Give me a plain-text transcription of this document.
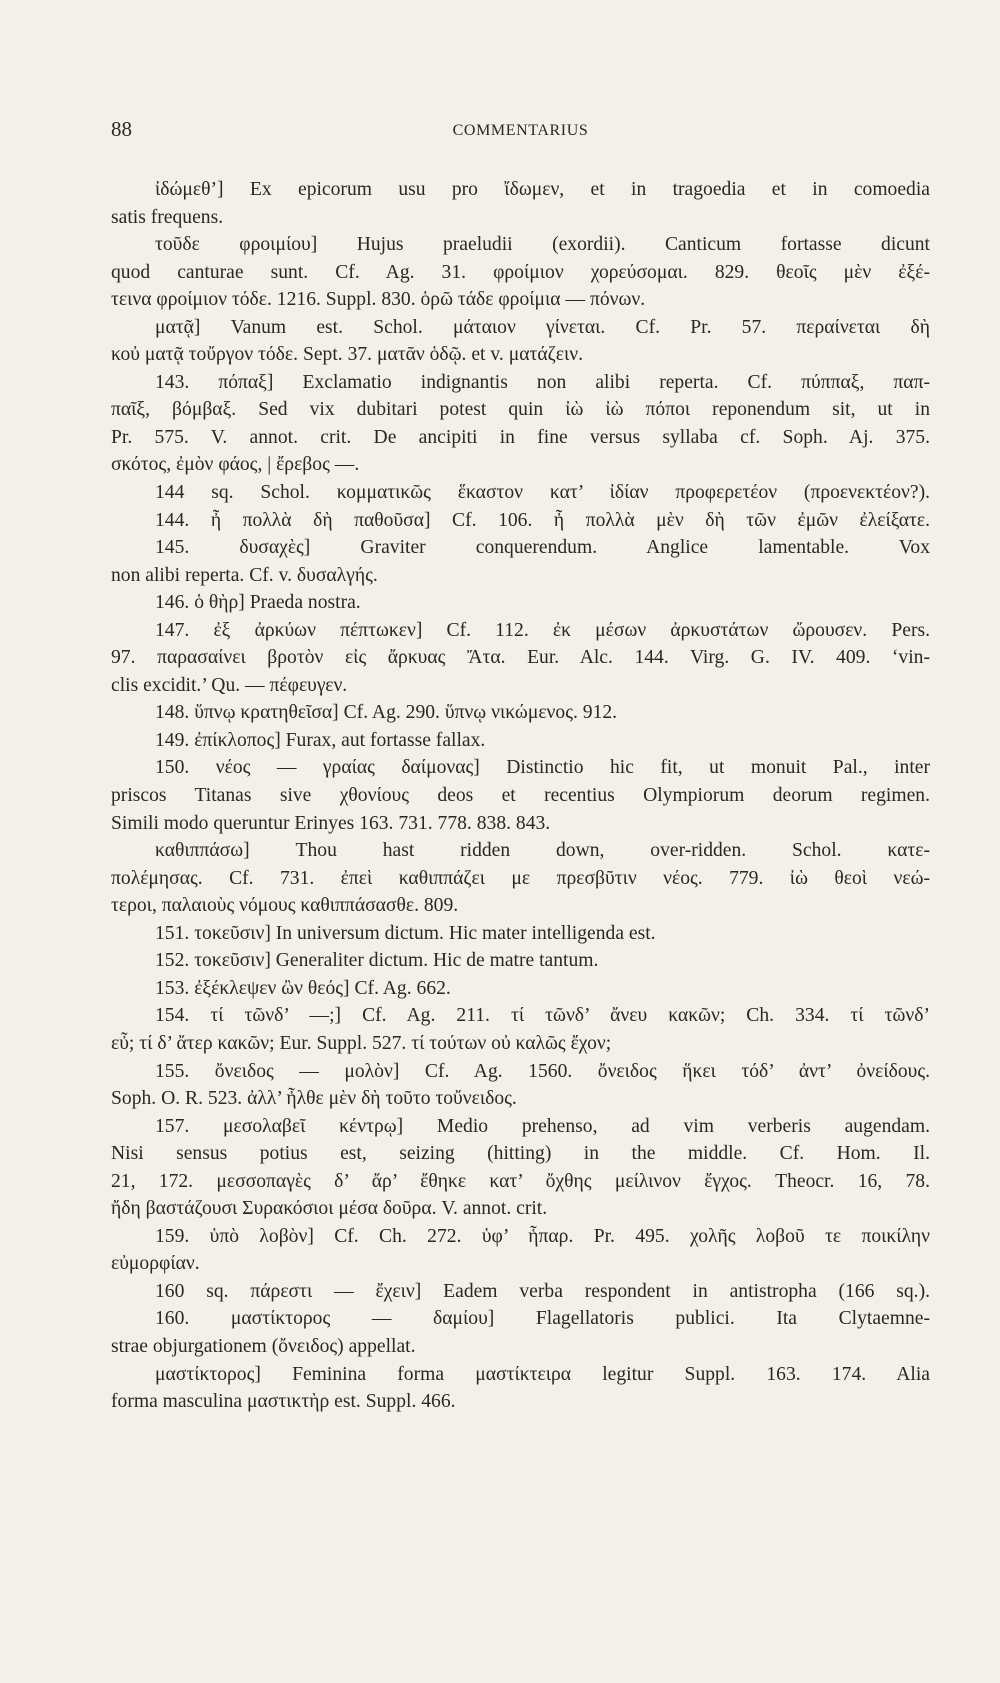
88	COMMENTARIUS
ἰδώμεθ’] Ex epicorum usu pro ἴδωμεν, et in tragoedia et in comoedia
satis frequens.
τοῦδε φροιμίου] Hujus praeludii (exordii). Canticum fortasse dicunt
quod canturae sunt. Cf. Ag. 31. φροίμιον χορεύσομαι. 829. θεοῖς μὲν ἐξέ-
τεινα φροίμιον τόδε. 1216. Suppl. 830. ὁρῶ τάδε φροίμια — πόνων.
ματᾷ] Vanum est. Schol. μάταιον γίνεται. Cf. Pr. 57. περαίνεται δὴ
κοὐ ματᾷ τοὔργον τόδε. Sept. 37. ματᾶν ὁδῷ. et v. ματάζειν.
143. πόπαξ] Exclamatio indignantis non alibi reperta. Cf. πύππαξ, παπ-
παῖξ, βόμβαξ. Sed vix dubitari potest quin ἰὼ ἰὼ πόποι reponendum sit, ut in
Pr. 575. V. annot. crit. De ancipiti in fine versus syllaba cf. Soph. Aj. 375.
σκότος, ἐμὸν φάος, | ἔρεβος —.
144 sq. Schol. κομματικῶς ἕκαστον κατ’ ἰδίαν προφερετέον (προενεκτέον?).
144. ἦ πολλὰ δὴ παθοῦσα] Cf. 106. ἦ πολλὰ μὲν δὴ τῶν ἐμῶν ἐλείξατε.
145. δυσαχὲς] Graviter conquerendum. Anglice lamentable. Vox
non alibi reperta. Cf. v. δυσαλγής.
146. ὁ θὴρ] Praeda nostra.
147. ἐξ ἀρκύων πέπτωκεν] Cf. 112. ἐκ μέσων ἀρκυστάτων ὤρουσεν. Pers.
97. παρασαίνει βροτὸν εἰς ἄρκυας Ἄτα. Eur. Alc. 144. Virg. G. IV. 409. ‘vin-
clis excidit.’ Qu. — πέφευγεν.
148. ὕπνῳ κρατηθεῖσα] Cf. Ag. 290. ὕπνῳ νικώμενος. 912.
149. ἐπίκλοπος] Furax, aut fortasse fallax.
150. νέος — γραίας δαίμονας] Distinctio hic fit, ut monuit Pal., inter
priscos Titanas sive χθονίους deos et recentius Olympiorum deorum regimen.
Simili modo queruntur Erinyes 163. 731. 778. 838. 843.
καθιππάσω] Thou hast ridden down, over-ridden. Schol. κατε-
πολέμησας. Cf. 731. ἐπεὶ καθιππάζει με πρεσβῦτιν νέος. 779. ἰὼ θεοὶ νεώ-
τεροι, παλαιοὺς νόμους καθιππάσασθε. 809.
151. τοκεῦσιν] In universum dictum. Hic mater intelligenda est.
152. τοκεῦσιν] Generaliter dictum. Hic de matre tantum.
153. ἐξέκλεψεν ὢν θεός] Cf. Ag. 662.
154. τί τῶνδ’ —;] Cf. Ag. 211. τί τῶνδ’ ἄνευ κακῶν; Ch. 334. τί τῶνδ’
εὖ; τί δ’ ἄτερ κακῶν; Eur. Suppl. 527. τί τούτων οὐ καλῶς ἔχον;
155. ὄνειδος — μολὸν] Cf. Ag. 1560. ὄνειδος ἥκει τόδ’ ἀντ’ ὀνείδους.
Soph. O. R. 523. ἀλλ’ ἦλθε μὲν δὴ τοῦτο τοὔνειδος.
157. μεσολαβεῖ κέντρῳ] Medio prehenso, ad vim verberis augendam.
Nisi sensus potius est, seizing (hitting) in the middle. Cf. Hom. Il.
21, 172. μεσσοπαγὲς δ’ ἄρ’ ἔθηκε κατ’ ὄχθης μείλινον ἔγχος. Theocr. 16, 78.
ἤδη βαστάζουσι Συρακόσιοι μέσα δοῦρα. V. annot. crit.
159. ὑπὸ λοβὸν] Cf. Ch. 272. ὑφ’ ἧπαρ. Pr. 495. χολῆς λοβοῦ τε ποικίλην
εὐμορφίαν.
160 sq. πάρεστι — ἔχειν] Eadem verba respondent in antistropha (166 sq.).
160. μαστίκτορος — δαμίου] Flagellatoris publici. Ita Clytaemne-
strae objurgationem (ὄνειδος) appellat.
μαστίκτορος] Feminina forma μαστίκτειρα legitur Suppl. 163. 174. Alia
forma masculina μαστικτὴρ est. Suppl. 466.
